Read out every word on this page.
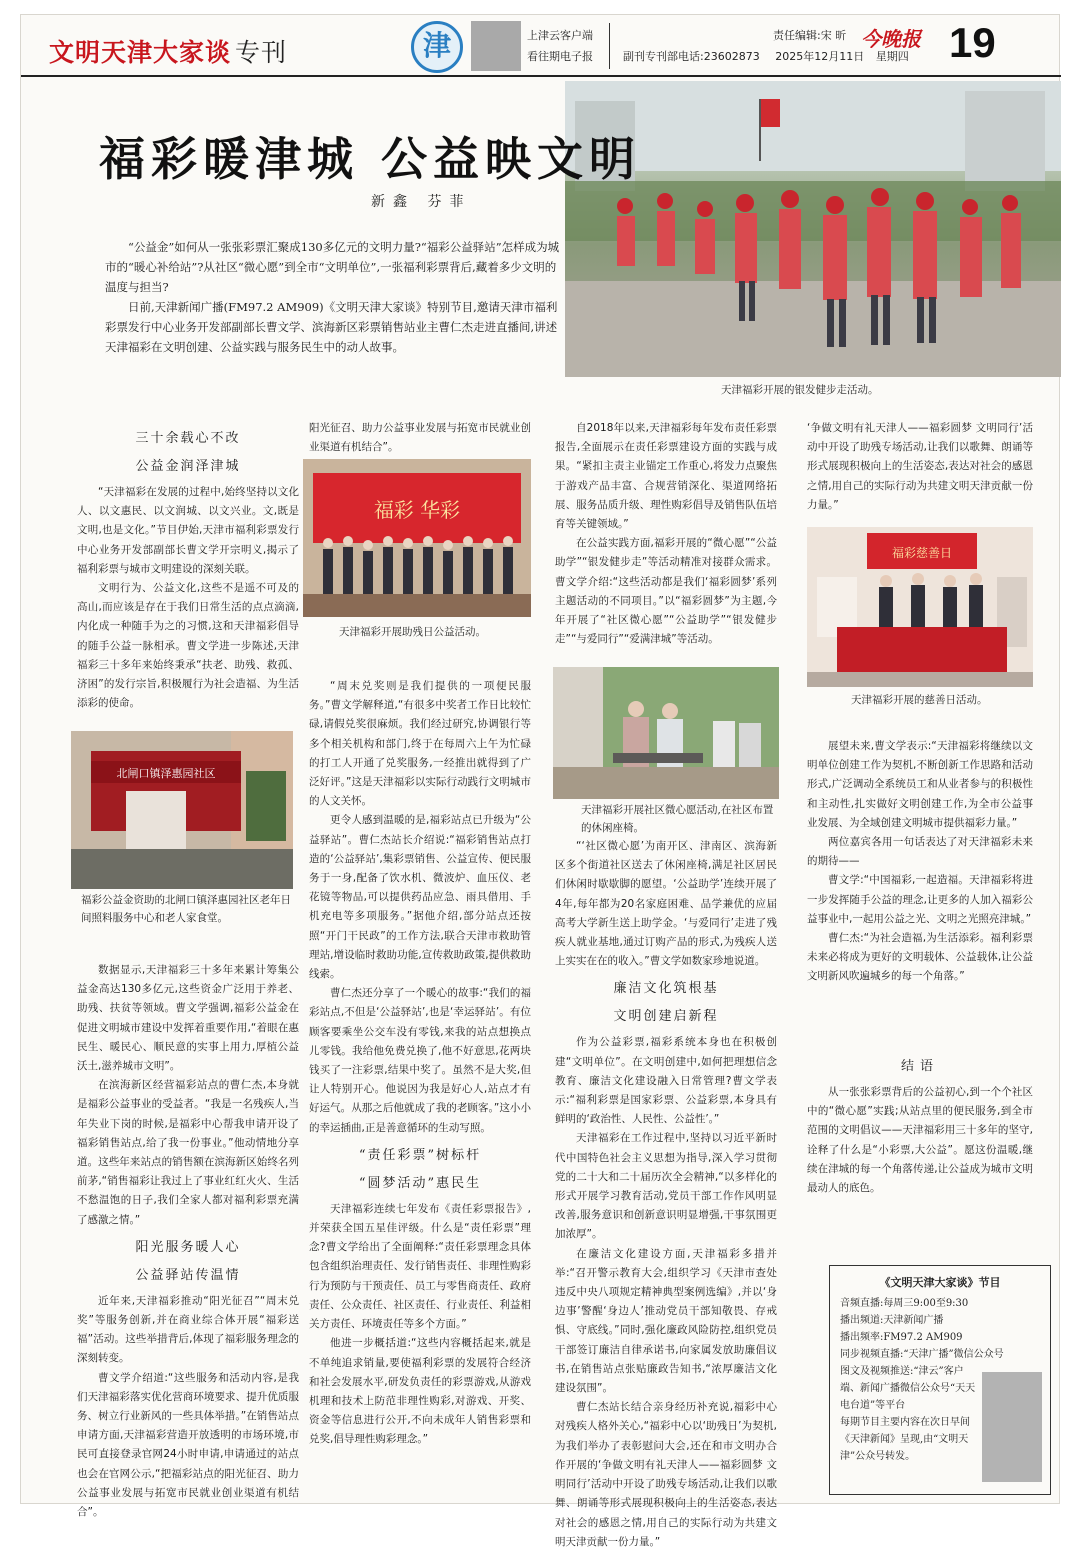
文明天津大家谈 专刊	津	上津云客户端
看往期电子报
责任编辑:宋 昕
副刊专刊部电话:23602873 2025年12月11日 星期四
今晚报 19
天津福彩开展的银发健步走活动。
福彩暖津城 公益映文明
新鑫 芬菲

“公益金”如何从一张张彩票汇聚成130多亿元的文明力量?“福彩公益驿站”怎样成为城市的“暖心补给站”?从社区“微心愿”到全市“文明单位”,一张福利彩票背后,藏着多少文明的温度与担当?

日前,天津新闻广播(FM97.2 AM909)《文明天津大家谈》特别节目,邀请天津市福利彩票发行中心业务开发部副部长曹文学、滨海新区彩票销售站业主曹仁杰走进直播间,讲述天津福彩在文明创建、公益实践与服务民生中的动人故事。

三十余载心不改
公益金润泽津城

“天津福彩在发展的过程中,始终坚持以文化人、以文惠民、以文润城、以文兴业。文,既是文明,也是文化。”节目伊始,天津市福利彩票发行中心业务开发部副部长曹文学开宗明义,揭示了福利彩票与城市文明建设的深刻关联。

文明行为、公益文化,这些不是遥不可及的高山,而应该是存在于我们日常生活的点点滴滴,内化成一种随手为之的习惯,这和天津福彩倡导的随手公益一脉相承。曹文学进一步陈述,天津福彩三十多年来始终秉承“扶老、助残、救孤、济困”的发行宗旨,积极履行为社会造福、为生活添彩的使命。

北闸口镇泽惠园社区
福彩公益金资助的北闸口镇泽惠园社区老年日间照料服务中心和老人家食堂。

数据显示,天津福彩三十多年来累计筹集公益金高达130多亿元,这些资金广泛用于养老、助残、扶贫等领域。曹文学强调,福彩公益金在促进文明城市建设中发挥着重要作用,“着眼在惠民生、暖民心、顺民意的实事上用力,厚植公益沃土,滋养城市文明”。

在滨海新区经营福彩站点的曹仁杰,本身就是福彩公益事业的受益者。“我是一名残疾人,当年失业下岗的时候,是福彩中心帮我申请开设了福彩销售站点,给了我一份事业。”他动情地分享道。这些年来站点的销售额在滨海新区始终名列前茅,“销售福彩让我过上了事业红红火火、生活不愁温饱的日子,我们全家人都对福利彩票充满了感激之情。”

阳光服务暖人心
公益驿站传温情

近年来,天津福彩推动“阳光征召”“周末兑奖”等服务创新,并在商业综合体开展“福彩送福”活动。这些举措背后,体现了福彩服务理念的深刻转变。

曹文学介绍道:“这些服务和活动内容,是我们天津福彩落实优化营商环境要求、提升优质服务、树立行业新风的一些具体举措。”在销售站点申请方面,天津福彩营造开放透明的市场环境,市民可直接登录官网24小时申请,申请通过的站点也会在官网公示,“把福彩站点的阳光征召、助力公益事业发展与拓宽市民就业创业渠道有机结合”。

福彩 华彩
天津福彩开展助残日公益活动。

阳光征召、助力公益事业发展与拓宽市民就业创业渠道有机结合”。

“周末兑奖则是我们提供的一项便民服务。”曹文学解释道,“有很多中奖者工作日比较忙碌,请假兑奖很麻烦。我们经过研究,协调银行等多个相关机构和部门,终于在每周六上午为忙碌的打工人开通了兑奖服务,一经推出就得到了广泛好评。”这是天津福彩以实际行动践行文明城市的人文关怀。

更令人感到温暖的是,福彩站点已升级为“公益驿站”。曹仁杰站长介绍说:“福彩销售站点打造的‘公益驿站’,集彩票销售、公益宣传、便民服务于一身,配备了饮水机、微波炉、血压仪、老花镜等物品,可以提供药品应急、雨具借用、手机充电等多项服务。”据他介绍,部分站点还按照“开门干民政”的工作方法,联合天津市救助管理站,增设临时救助功能,宣传救助政策,提供救助线索。

曹仁杰还分享了一个暖心的故事:“我们的福彩站点,不但是‘公益驿站’,也是‘幸运驿站’。有位顾客要乘坐公交车没有零钱,来我的站点想换点儿零钱。我给他免费兑换了,他不好意思,花两块钱买了一注彩票,结果中奖了。虽然不是大奖,但让人特别开心。他说因为我是好心人,站点才有好运气。从那之后他就成了我的老顾客。”这小小的幸运插曲,正是善意循环的生动写照。

“责任彩票”树标杆
“圆梦活动”惠民生

天津福彩连续七年发布《责任彩票报告》,并荣获全国五星佳评级。什么是“责任彩票”理念?曹文学给出了全面阐释:“责任彩票理念具体包含组织治理责任、发行销售责任、非理性购彩行为预防与干预责任、员工与零售商责任、政府责任、公众责任、社区责任、行业责任、利益相关方责任、环境责任等多个方面。”

他进一步概括道:“这些内容概括起来,就是不单纯追求销量,要使福利彩票的发展符合经济和社会发展水平,研发负责任的彩票游戏,从游戏机理和技术上防范非理性购彩,对游戏、开奖、资金等信息进行公开,不向未成年人销售彩票和兑奖,倡导理性购彩理念。”

自2018年以来,天津福彩每年发布责任彩票报告,全面展示在责任彩票建设方面的实践与成果。“紧扣主责主业锚定工作重心,将发力点聚焦于游戏产品丰富、合规营销深化、渠道网络拓展、服务品质升级、理性购彩倡导及销售队伍培育等关键领域。”

在公益实践方面,福彩开展的“微心愿”“公益助学”“银发健步走”等活动精准对接群众需求。曹文学介绍:“这些活动都是我们‘福彩圆梦’系列主题活动的不同项目。”以“福彩圆梦”为主题,今年开展了“社区微心愿”“公益助学”“银发健步走”“与爱同行”“爱满津城”等活动。

天津福彩开展社区微心愿活动,在社区布置的休闲座椅。

“‘社区微心愿’为南开区、津南区、滨海新区多个街道社区送去了休闲座椅,满足社区居民们休闲时歇歇脚的愿望。‘公益助学’连续开展了4年,每年都为20名家庭困难、品学兼优的应届高考大学新生送上助学金。‘与爱同行’走进了残疾人就业基地,通过订购产品的形式,为残疾人送上实实在在的收入。”曹文学如数家珍地说道。

廉洁文化筑根基
文明创建启新程

作为公益彩票,福彩系统本身也在积极创建“文明单位”。在文明创建中,如何把理想信念教育、廉洁文化建设融入日常管理?曹文学表示:“福利彩票是国家彩票、公益彩票,本身具有鲜明的‘政治性、人民性、公益性’。”

天津福彩在工作过程中,坚持以习近平新时代中国特色社会主义思想为指导,深入学习贯彻党的二十大和二十届历次全会精神,“以多样化的形式开展学习教育活动,党员干部工作作风明显改善,服务意识和创新意识明显增强,干事氛围更加浓厚”。

在廉洁文化建设方面,天津福彩多措并举:“召开警示教育大会,组织学习《天津市查处违反中央八项规定精神典型案例选编》,并以‘身边事’警醒‘身边人’推动党员干部知敬畏、存戒惧、守底线。”同时,强化廉政风险防控,组织党员干部签订廉洁自律承诺书,向家属发放助廉倡议书,在销售站点张贴廉政告知书,“浓厚廉洁文化建设氛围”。

曹仁杰站长结合亲身经历补充说,福彩中心对残疾人格外关心,“福彩中心以‘助残日’为契机,为我们举办了表彰慰问大会,还在和市文明办合作开展的‘争做文明有礼天津人——福彩圆梦 文明同行’活动中开设了助残专场活动,让我们以歌舞、朗诵等形式展现积极向上的生活姿态,表达对社会的感恩之情,用自己的实际行动为共建文明天津贡献一份力量。”

‘争做文明有礼天津人——福彩圆梦 文明同行’活动中开设了助残专场活动,让我们以歌舞、朗诵等形式展现积极向上的生活姿态,表达对社会的感恩之情,用自己的实际行动为共建文明天津贡献一份力量。”

福彩慈善日
天津福彩开展的慈善日活动。

展望未来,曹文学表示:“天津福彩将继续以文明单位创建工作为契机,不断创新工作思路和活动形式,广泛调动全系统员工和从业者参与的积极性和主动性,扎实做好文明创建工作,为全市公益事业发展、为全域创建文明城市提供福彩力量。”

两位嘉宾各用一句话表达了对天津福彩未来的期待——

曹文学:“中国福彩,一起造福。天津福彩将进一步发挥随手公益的理念,让更多的人加入福彩公益事业中,一起用公益之光、文明之光照亮津城。”

曹仁杰:“为社会造福,为生活添彩。福利彩票未来必将成为更好的文明载体、公益载体,让公益文明新风吹遍城乡的每一个角落。”

结语

从一张张彩票背后的公益初心,到一个个社区中的“微心愿”实践;从站点里的便民服务,到全市范围的文明倡议——天津福彩用三十多年的坚守,诠释了什么是“小彩票,大公益”。愿这份温暖,继续在津城的每一个角落传递,让公益成为城市文明最动人的底色。

《文明天津大家谈》节目
音频直播:每周三9:00至9:30
播出频道:天津新闻广播
播出频率:FM97.2 AM909
同步视频直播:“天津广播”微信公众号
图文及视频推送:“津云”客户端、新闻广播微信公众号“天天电台道”等平台
每期节目主要内容在次日早间《天津新闻》呈现,由“文明天津”公众号转发。
